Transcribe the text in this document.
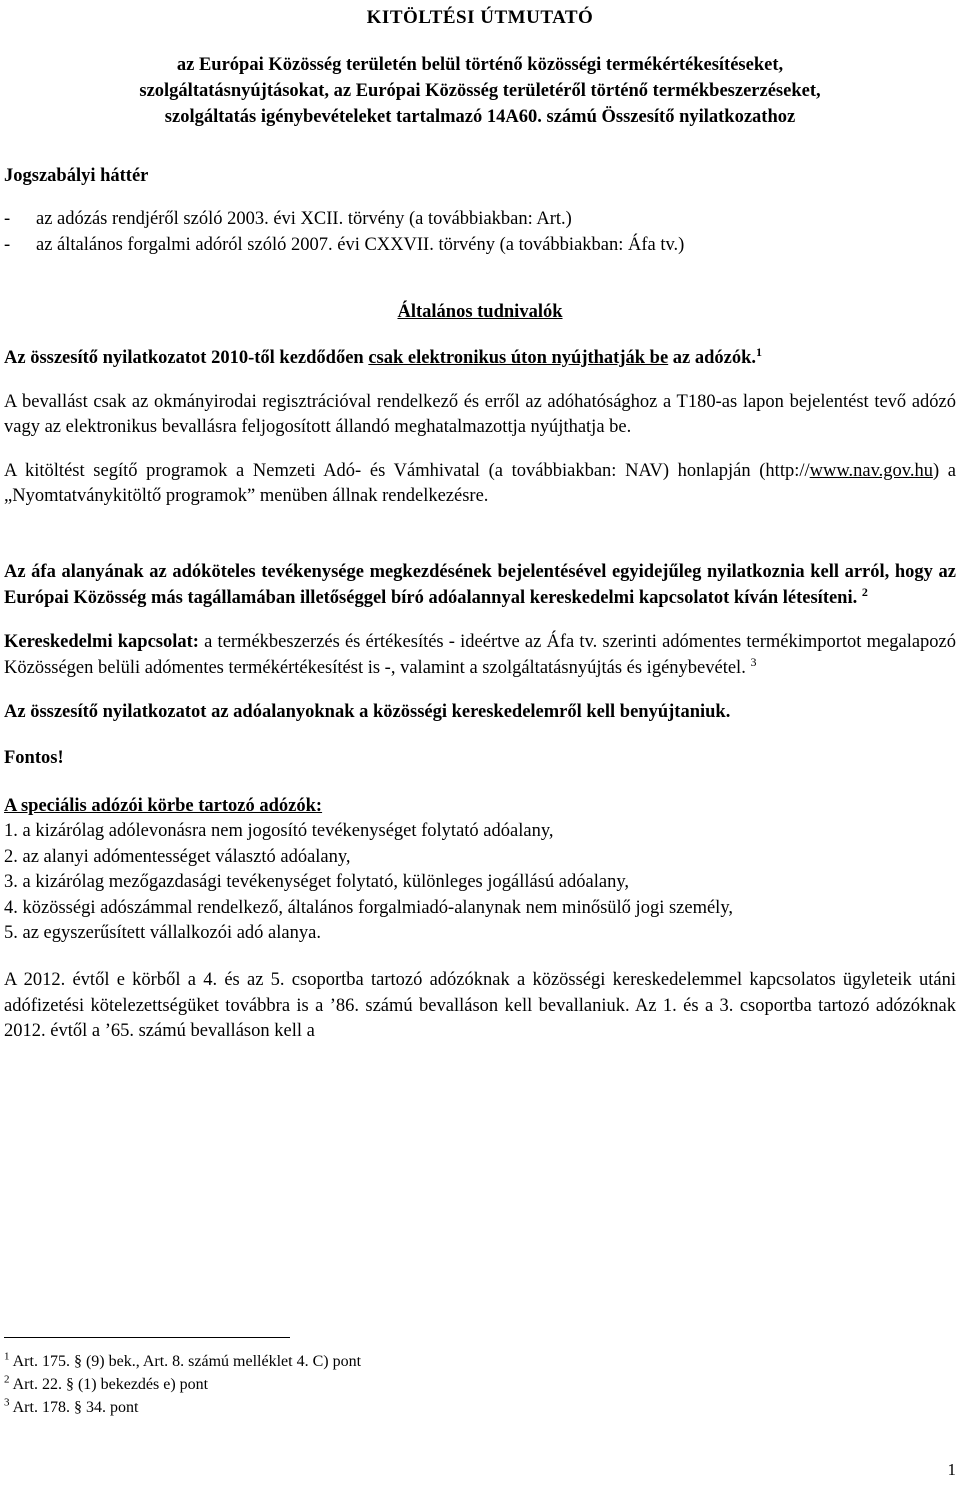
KITÖLTÉSI ÚTMUTATÓ
az Európai Közösség területén belül történő közösségi termékértékesítéseket,
szolgáltatásnyújtásokat, az Európai Közösség területéről történő termékbeszerzéseket,
szolgáltatás igénybevételeket tartalmazó 14A60. számú Összesítő nyilatkozathoz
Jogszabályi háttér
-	az adózás rendjéről szóló 2003. évi XCII. törvény (a továbbiakban: Art.)
-	az általános forgalmi adóról szóló 2007. évi CXXVII. törvény (a továbbiakban: Áfa tv.)
Általános tudnivalók

Az összesítő nyilatkozatot 2010-től kezdődően csak elektronikus úton nyújthatják be az adózók.$^1$

A bevallást csak az okmányirodai regisztrációval rendelkező és erről az adóhatósághoz a T180-as lapon bejelentést tevő adózó vagy az elektronikus bevallásra feljogosított állandó meghatalmazottja nyújthatja be.

A kitöltést segítő programok a Nemzeti Adó- és Vámhivatal (a továbbiakban: NAV) honlapján (http://www.nav.gov.hu) a „Nyomtatványkitöltő programok” menüben állnak rendelkezésre.

Az áfa alanyának az adóköteles tevékenysége megkezdésének bejelentésével egyidejűleg nyilatkoznia kell arról, hogy az Európai Közösség más tagállamában illetőséggel bíró adóalannyal kereskedelmi kapcsolatot kíván létesíteni. $^2$

Kereskedelmi kapcsolat: a termékbeszerzés és értékesítés - ideértve az Áfa tv. szerinti adómentes termékimportot megalapozó Közösségen belüli adómentes termékértékesítést is -, valamint a szolgáltatásnyújtás és igénybevétel. $^3$

Az összesítő nyilatkozatot az adóalanyoknak a közösségi kereskedelemről kell benyújtaniuk.

Fontos!

A speciális adózói körbe tartozó adózók:

1. a kizárólag adólevonásra nem jogosító tevékenységet folytató adóalany,
2. az alanyi adómentességet választó adóalany,
3. a kizárólag mezőgazdasági tevékenységet folytató, különleges jogállású adóalany,
4. közösségi adószámmal rendelkező, általános forgalmiadó-alanynak nem minősülő jogi személy,
5. az egyszerűsített vállalkozói adó alanya.

A 2012. évtől e körből a 4. és az 5. csoportba tartozó adózóknak a közösségi kereskedelemmel kapcsolatos ügyleteik utáni adófizetési kötelezettségüket továbbra is a ’86. számú bevalláson kell bevallaniuk. Az 1. és a 3. csoportba tartozó adózóknak 2012. évtől a ’65. számú bevalláson kell a

$^1$ Art. 175. § (9) bek., Art. 8. számú melléklet 4. C) pont
$^2$ Art. 22. § (1) bekezdés e) pont
$^3$ Art. 178. § 34. pont
1
